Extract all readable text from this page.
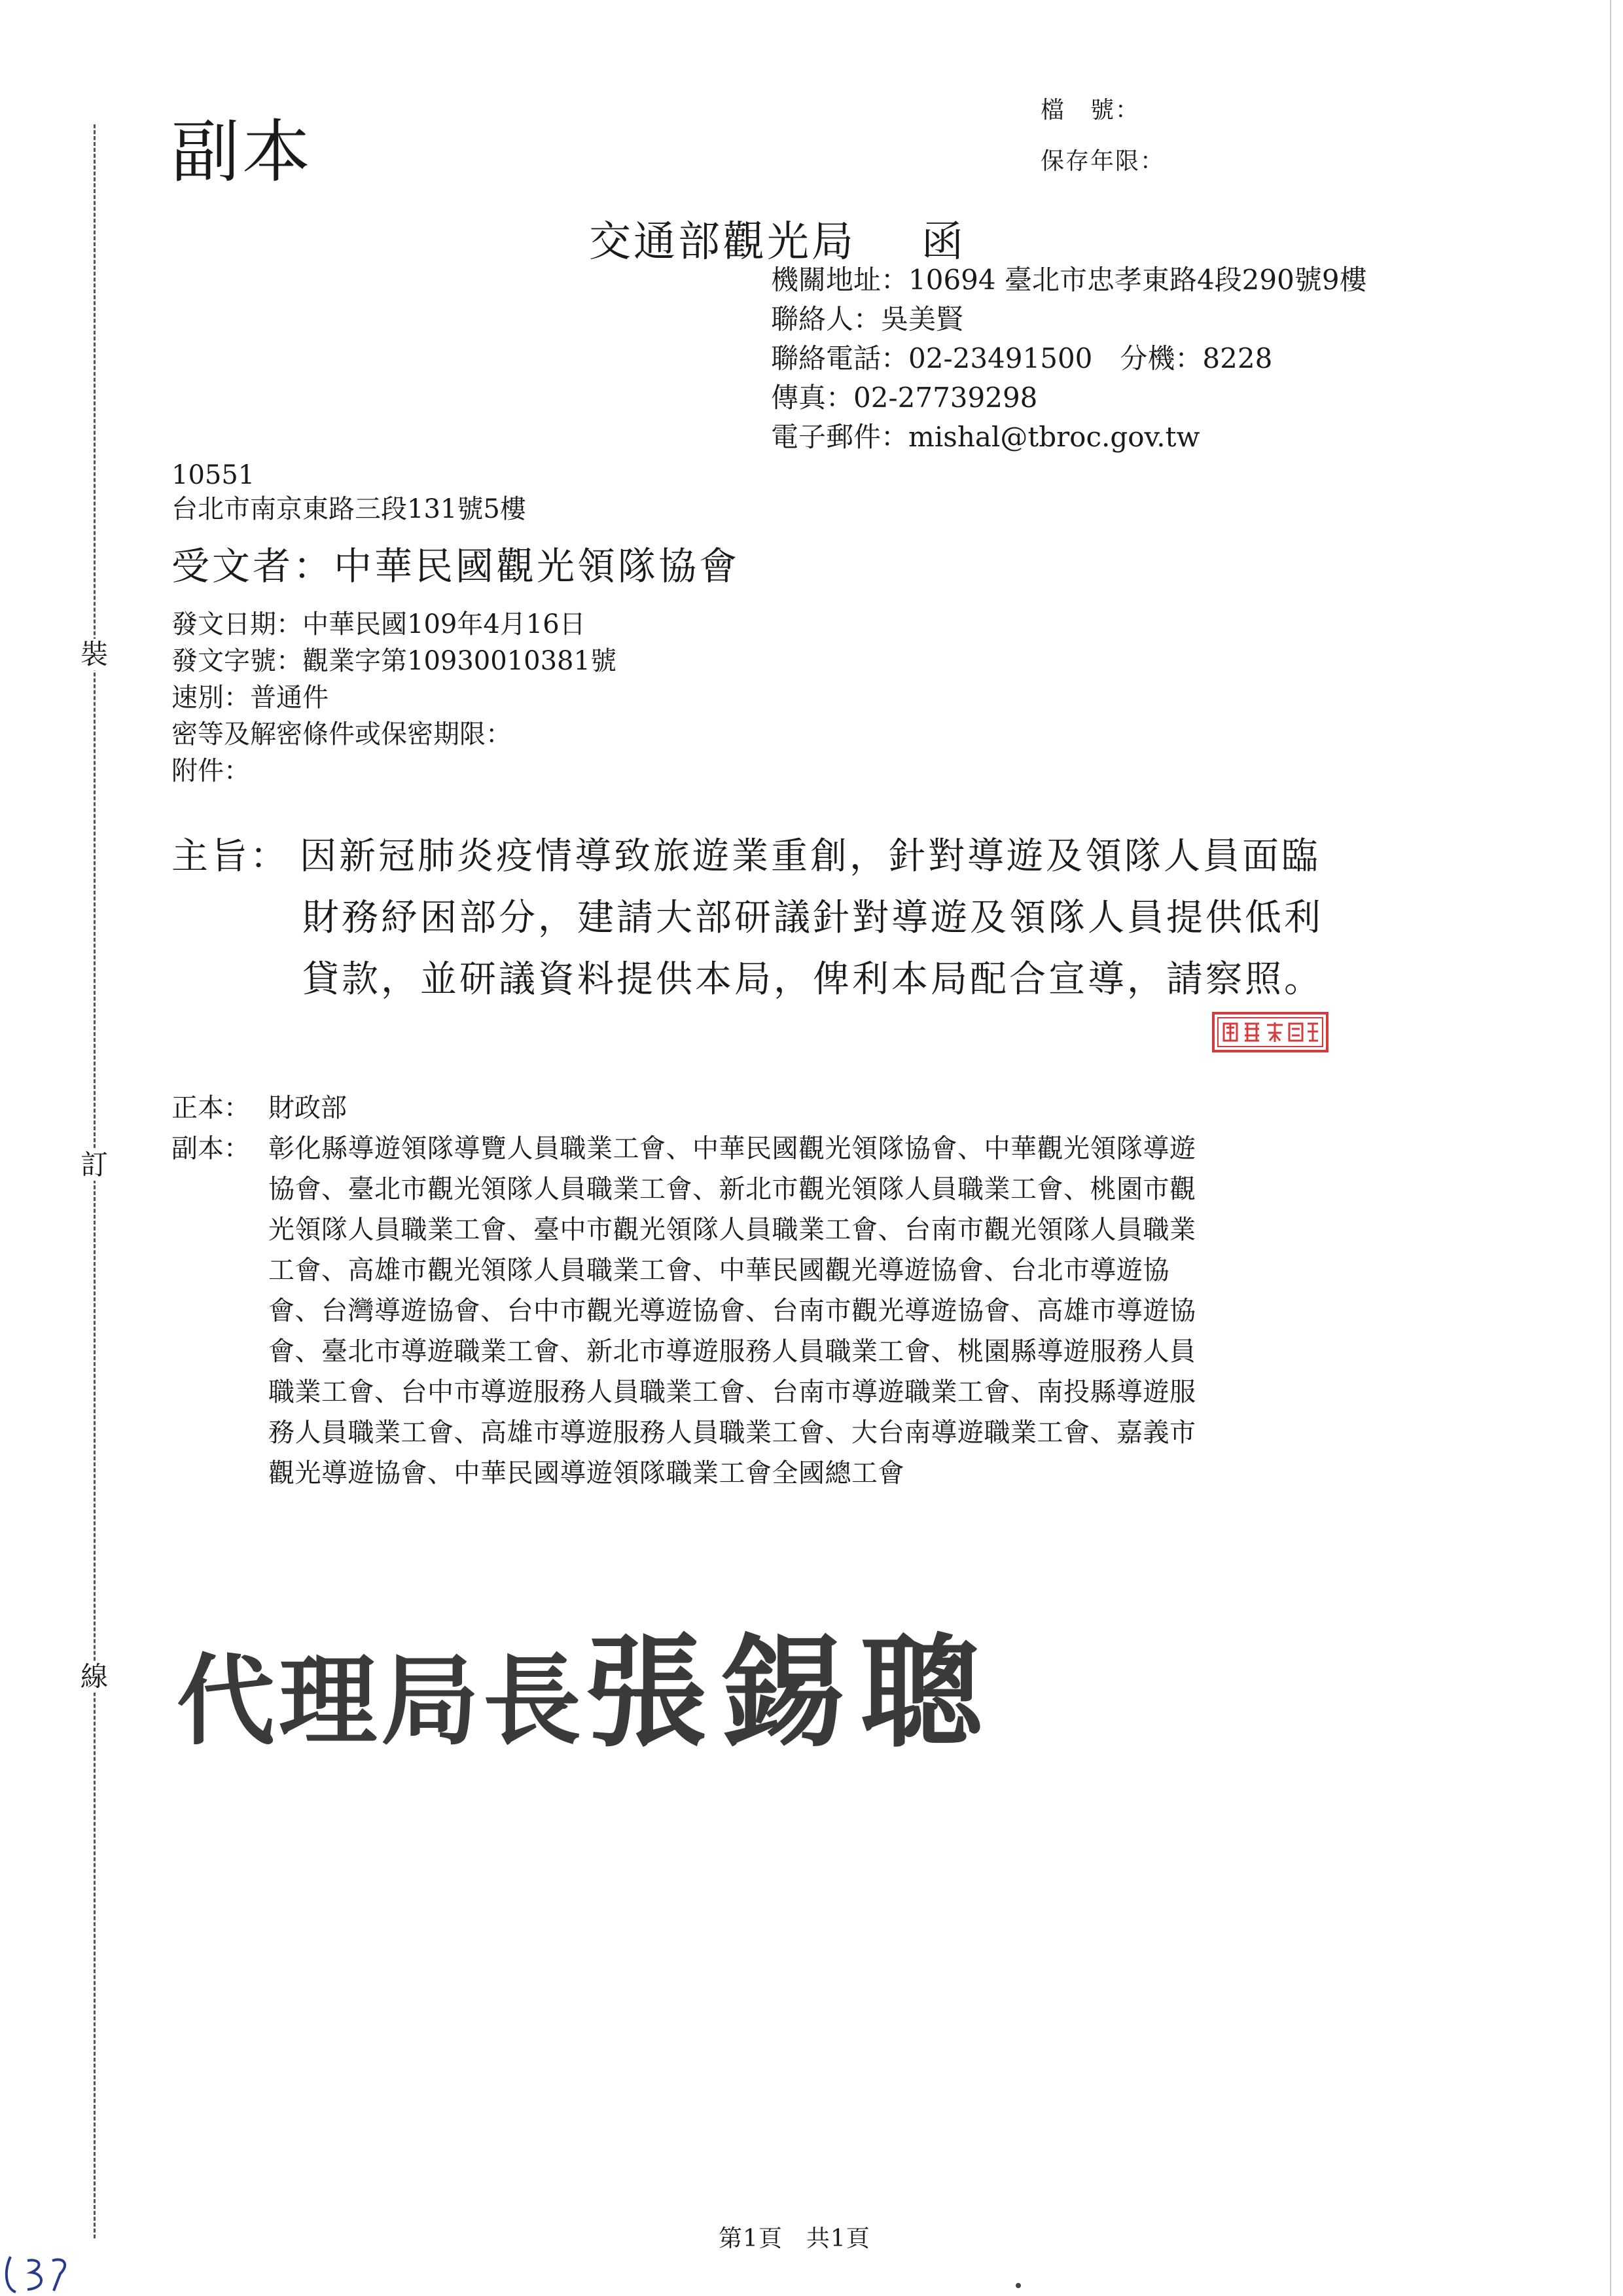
副本
檔　號：
保存年限：
交通部觀光局 函
機關地址：10694 臺北市忠孝東路4段290號9樓
聯絡人：吳美賢
聯絡電話：02-23491500　分機：8228
傳真：02-27739298
電子郵件：mishal@tbroc.gov.tw
10551
台北市南京東路三段131號5樓
受文者：中華民國觀光領隊協會
發文日期：中華民國109年4月16日
發文字號：觀業字第10930010381號
速別：普通件
密等及解密條件或保密期限：
附件：
主旨： 因新冠肺炎疫情導致旅遊業重創，針對導遊及領隊人員面臨
財務紓困部分，建請大部研議針對導遊及領隊人員提供低利
貸款，並研議資料提供本局，俾利本局配合宣導，請察照。
正本： 財政部
副本： 彰化縣導遊領隊導覽人員職業工會、中華民國觀光領隊協會、中華觀光領隊導遊
協會、臺北市觀光領隊人員職業工會、新北市觀光領隊人員職業工會、桃園市觀
光領隊人員職業工會、臺中市觀光領隊人員職業工會、台南市觀光領隊人員職業
工會、高雄市觀光領隊人員職業工會、中華民國觀光導遊協會、台北市導遊協
會、台灣導遊協會、台中市觀光導遊協會、台南市觀光導遊協會、高雄市導遊協
會、臺北市導遊職業工會、新北市導遊服務人員職業工會、桃園縣導遊服務人員
職業工會、台中市導遊服務人員職業工會、台南市導遊職業工會、南投縣導遊服
務人員職業工會、高雄市導遊服務人員職業工會、大台南導遊職業工會、嘉義市
觀光導遊協會、中華民國導遊領隊職業工會全國總工會
代理局長張錫聰
裝
訂
線
第1頁 共1頁
